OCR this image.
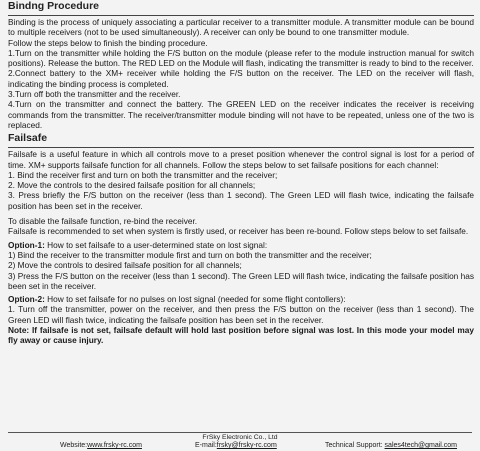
Bindng Procedure

Binding is the process of uniquely associating a particular receiver to a transmitter module. A transmitter module can be bound to multiple receivers (not to be used simultaneously). A receiver can only be bound to one transmitter module.

Follow the steps below to finish the binding procedure.

1.Turn on the transmitter while holding the F/S button on the module (please refer to the module instruction manual for switch positions). Release the button. The RED LED on the Module will flash, indicating the transmitter is ready to bind to the receiver.

2.Connect battery to the XM+ receiver while holding the F/S button on the receiver. The LED on the receiver will flash, indicating the binding process is completed.

3.Turn off both the transmitter and the receiver.

4.Turn on the transmitter and connect the battery. The GREEN LED on the receiver indicates the receiver is receiving commands from the transmitter. The receiver/transmitter module binding will not have to be repeated, unless one of the two is replaced.

Failsafe

Failsafe is a useful feature in which all controls move to a preset position whenever the control signal is lost for a period of time. XM+ supports failsafe function for all channels. Follow the steps below to set failsafe positions for each channel:

1. Bind the receiver first and turn on both the transmitter and the receiver;

2. Move the controls to the desired failsafe position for all channels;

3. Press briefly the F/S button on the receiver (less than 1 second). The Green LED will flash twice, indicating the failsafe position has been set in the receiver.

To disable the failsafe function, re-bind the receiver.

Failsafe is recommended to set when system is firstly used, or receiver has been re-bound. Follow steps below to set failsafe.

Option-1: How to set failsafe to a user-determined state on lost signal:

1) Bind the receiver to the transmitter module first and turn on both the transmitter and the receiver;

2) Move the controls to desired failsafe position for all channels;

3) Press the F/S button on the receiver (less than 1 second). The Green LED will flash twice, indicating the failsafe position has been set in the receiver.

Option-2: How to set failsafe for no pulses on lost signal (needed for some flight contollers):

1. Turn off the transmitter, power on the receiver, and then press the F/S button on the receiver (less than 1 second). The Green LED will flash twice, indicating the failsafe position has been set in the receiver.

Note: If failsafe is not set, failsafe default will hold last position before signal was lost. In this mode your model may fly away or cause injury.

FrSky Electronic Co., Ltd
Website:www.frsky-rc.com	E-mail:frsky@frsky-rc.com	Technical Support: sales4tech@gmail.com
